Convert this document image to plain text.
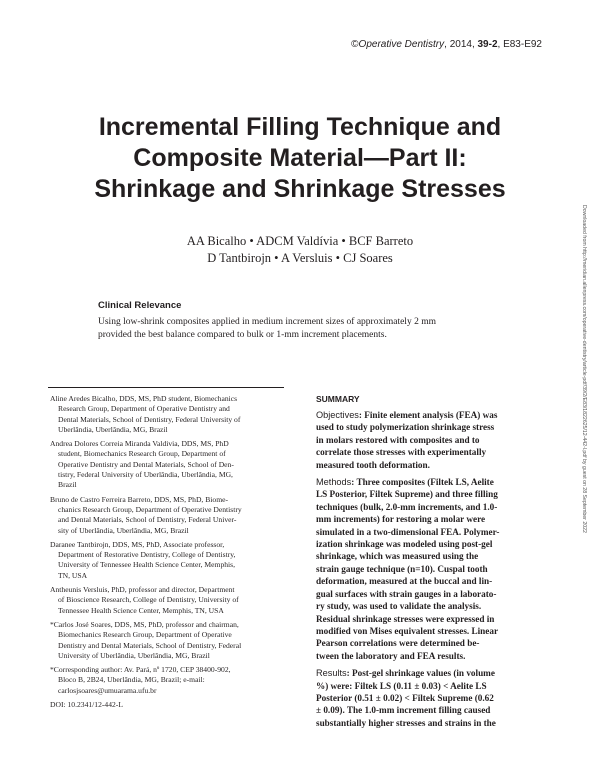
©Operative Dentistry, 2014, 39-2, E83-E92
Incremental Filling Technique and
Composite Material—Part II:
Shrinkage and Shrinkage Stresses
AA Bicalho • ADCM Valdívia • BCF Barreto
D Tantbirojn • A Versluis • CJ Soares	Downloaded from http://meridian.allenpress.com/operative-dentistry/article-pdf/39/2/E83/1822625/12-442-l.pdf by guest on 28 September 2022
Clinical Relevance

Using low-shrink composites applied in medium increment sizes of approximately 2 mm
provided the best balance compared to bulk or 1-mm increment placements.

Aline Aredes Bicalho, DDS, MS, PhD student, Biomechanics
Research Group, Department of Operative Dentistry and
Dental Materials, School of Dentistry, Federal University of
Uberlândia, Uberlândia, MG, Brazil
Andrea Dolores Correia Miranda Valdivia, DDS, MS, PhD
student, Biomechanics Research Group, Department of
Operative Dentistry and Dental Materials, School of Den-
tistry, Federal University of Uberlândia, Uberlândia, MG,
Brazil
Bruno de Castro Ferreira Barreto, DDS, MS, PhD, Biome-
chanics Research Group, Department of Operative Dentistry
and Dental Materials, School of Dentistry, Federal Univer-
sity of Uberlândia, Uberlândia, MG, Brazil
Daranee Tantbirojn, DDS, MS, PhD, Associate professor,
Department of Restorative Dentistry, College of Dentistry,
University of Tennessee Health Science Center, Memphis,
TN, USA
Antheunis Versluis, PhD, professor and director, Department
of Bioscience Research, College of Dentistry, University of
Tennessee Health Science Center, Memphis, TN, USA
*Carlos José Soares, DDS, MS, PhD, professor and chairman,
Biomechanics Research Group, Department of Operative
Dentistry and Dental Materials, School of Dentistry, Federal
University of Uberlândia, Uberlândia, MG, Brazil
*Corresponding author: Av. Pará, nº 1720, CEP 38400-902,
Bloco B, 2B24, Uberlândia, MG, Brazil; e-mail:
carlosjsoares@umuarama.ufu.br
DOI: 10.2341/12-442-L
SUMMARY

Objectives: Finite element analysis (FEA) was
used to study polymerization shrinkage stress
in molars restored with composites and to
correlate those stresses with experimentally
measured tooth deformation.

Methods: Three composites (Filtek LS, Aelite
LS Posterior, Filtek Supreme) and three filling
techniques (bulk, 2.0-mm increments, and 1.0-
mm increments) for restoring a molar were
simulated in a two-dimensional FEA. Polymer-
ization shrinkage was modeled using post-gel
shrinkage, which was measured using the
strain gauge technique (n=10). Cuspal tooth
deformation, measured at the buccal and lin-
gual surfaces with strain gauges in a laborato-
ry study, was used to validate the analysis.
Residual shrinkage stresses were expressed in
modified von Mises equivalent stresses. Linear
Pearson correlations were determined be-
tween the laboratory and FEA results.

Results: Post-gel shrinkage values (in volume
%) were: Filtek LS (0.11 ± 0.03) < Aelite LS
Posterior (0.51 ± 0.02) < Filtek Supreme (0.62
± 0.09). The 1.0-mm increment filling caused
substantially higher stresses and strains in the
